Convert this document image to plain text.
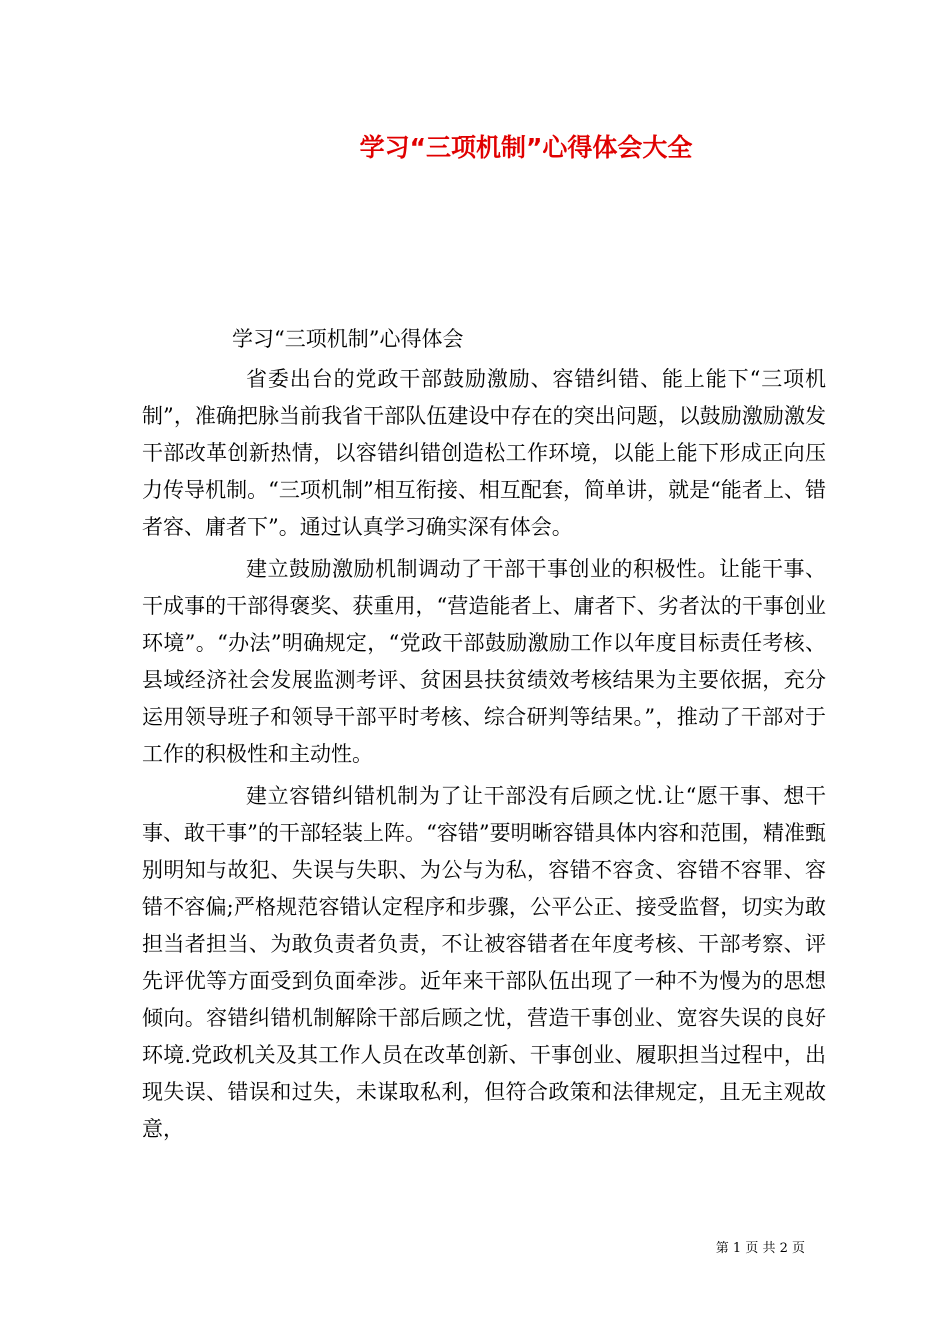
学习“三项机制”心得体会大全
学习“三项机制”心得体会

省委出台的党政干部鼓励激励、容错纠错、能上能下“三项机制”，准确把脉当前我省干部队伍建设中存在的突出问题，以鼓励激励激发干部改革创新热情，以容错纠错创造松工作环境，以能上能下形成正向压力传导机制。“三项机制”相互衔接、相互配套，简单讲，就是“能者上、错者容、庸者下”。通过认真学习确实深有体会。

建立鼓励激励机制调动了干部干事创业的积极性。让能干事、干成事的干部得褒奖、获重用，“营造能者上、庸者下、劣者汰的干事创业环境”。“办法”明确规定，“党政干部鼓励激励工作以年度目标责任考核、县域经济社会发展监测考评、贫困县扶贫绩效考核结果为主要依据，充分运用领导班子和领导干部平时考核、综合研判等结果。”，推动了干部对于工作的积极性和主动性。

建立容错纠错机制为了让干部没有后顾之忧.让“愿干事、想干事、敢干事”的干部轻装上阵。“容错”要明晰容错具体内容和范围，精准甄别明知与故犯、失误与失职、为公与为私，容错不容贪、容错不容罪、容错不容偏;严格规范容错认定程序和步骤，公平公正、接受监督，切实为敢担当者担当、为敢负责者负责，不让被容错者在年度考核、干部考察、评先评优等方面受到负面牵涉。近年来干部队伍出现了一种不为慢为的思想倾向。容错纠错机制解除干部后顾之忧，营造干事创业、宽容失误的良好环境.党政机关及其工作人员在改革创新、干事创业、履职担当过程中，出现失误、错误和过失，未谋取私利，但符合政策和法律规定，且无主观故意，

第 1 页 共 2 页
